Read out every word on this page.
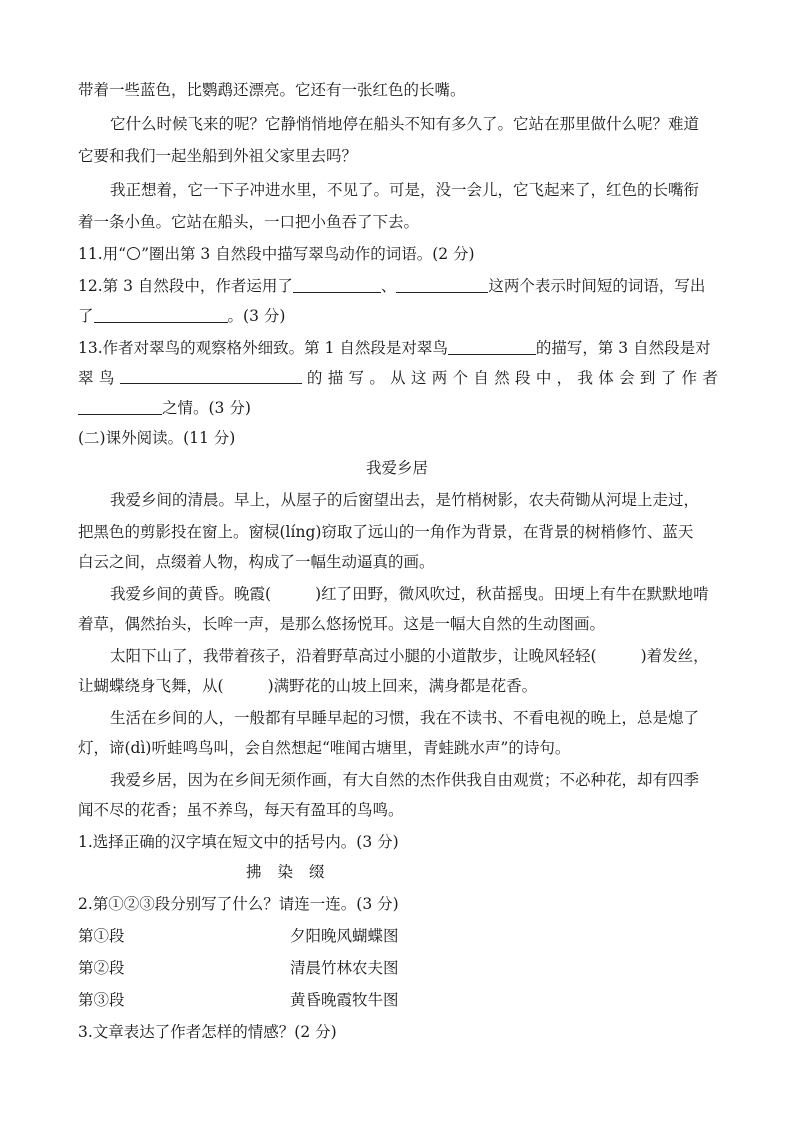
带着一些蓝色，比鹦鹉还漂亮。它还有一张红色的长嘴。
它什么时候飞来的呢？它静悄悄地停在船头不知有多久了。它站在那里做什么呢？难道
它要和我们一起坐船到外祖父家里去吗？
我正想着，它一下子冲进水里，不见了。可是，没一会儿，它飞起来了，红色的长嘴衔
着一条小鱼。它站在船头，一口把小鱼吞了下去。
11.用“○”圈出第 3 自然段中描写翠鸟动作的词语。(2 分)
12.第 3 自然段中，作者运用了	、	这两个表示时间短的词语，写出
了	。(3 分)
13.作者对翠鸟的观察格外细致。第 1 自然段是对翠鸟	的描写，第 3 自然段是对
翠 鸟	的 描 写 。 从 这 两 个 自 然 段 中 ， 我 体 会 到 了 作 者
之情。(3 分)
(二)课外阅读。(11 分)
我爱乡居
我爱乡间的清晨。早上，从屋子的后窗望出去，是竹梢树影，农夫荷锄从河堤上走过，
把黑色的剪影投在窗上。窗棂(líng)窃取了远山的一角作为背景，在背景的树梢修竹、蓝天
白云之间，点缀着人物，构成了一幅生动逼真的画。
我爱乡间的黄昏。晚霞(	)红了田野，微风吹过，秋苗摇曳。田埂上有牛在默默地啃
着草，偶然抬头，长哞一声，是那么悠扬悦耳。这是一幅大自然的生动图画。
太阳下山了，我带着孩子，沿着野草高过小腿的小道散步，让晚风轻轻(	)着发丝，
让蝴蝶绕身飞舞，从(	)满野花的山坡上回来，满身都是花香。
生活在乡间的人，一般都有早睡早起的习惯，我在不读书、不看电视的晚上，总是熄了
灯，谛(dì)听蛙鸣鸟叫，会自然想起“唯闻古塘里，青蛙跳水声”的诗句。
我爱乡居，因为在乡间无须作画，有大自然的杰作供我自由观赏；不必种花，却有四季
闻不尽的花香；虽不养鸟，每天有盈耳的鸟鸣。
1.选择正确的汉字填在短文中的括号内。(3 分)
拂 染 缀
2.第①②③段分别写了什么？请连一连。(3 分)
第①段	夕阳晚风蝴蝶图
第②段	清晨竹林农夫图
第③段	黄昏晚霞牧牛图
3.文章表达了作者怎样的情感？(2 分)
